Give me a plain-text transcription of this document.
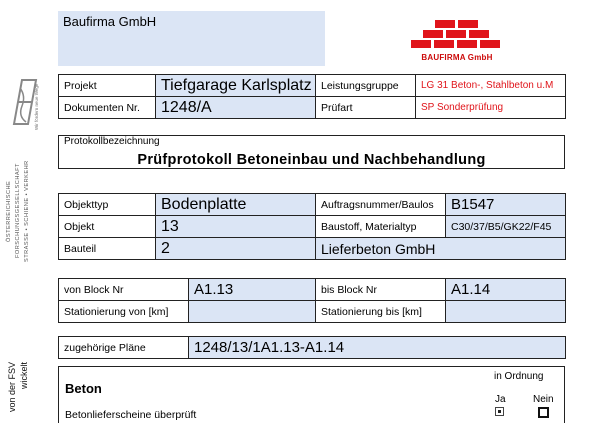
Wir fördern neue Wege
ÖSTERREICHISCHE FORSCHUNGSGESELLSCHAFT STRASSE • SCHIENE • VERKEHR
von der FSV wickelt
Baufirma GmbH
BAUFIRMA GmbH
Projekt	Tiefgarage Karlsplatz	Leistungsgruppe	LG 31 Beton-, Stahlbeton u.M
Dokumenten Nr.	1248/A	Prüfart	SP Sonderprüfung
Protokollbezeichnung
Prüfprotokoll Betoneinbau und Nachbehandlung
Objekttyp	Bodenplatte	Auftragsnummer/Baulos	B1547
Objekt	13	Baustoff, Materialtyp	C30/37/B5/GK22/F45
Bauteil	2	Lieferbeton GmbH	
von Block Nr	A1.13	bis Block Nr	A1.14
Stationierung von [km]		Stationierung bis [km]	
zugehörige Pläne	1248/13/1A1.13-A1.14
Beton
in Ordnung
Ja	Nein
Betonlieferscheine überprüft
